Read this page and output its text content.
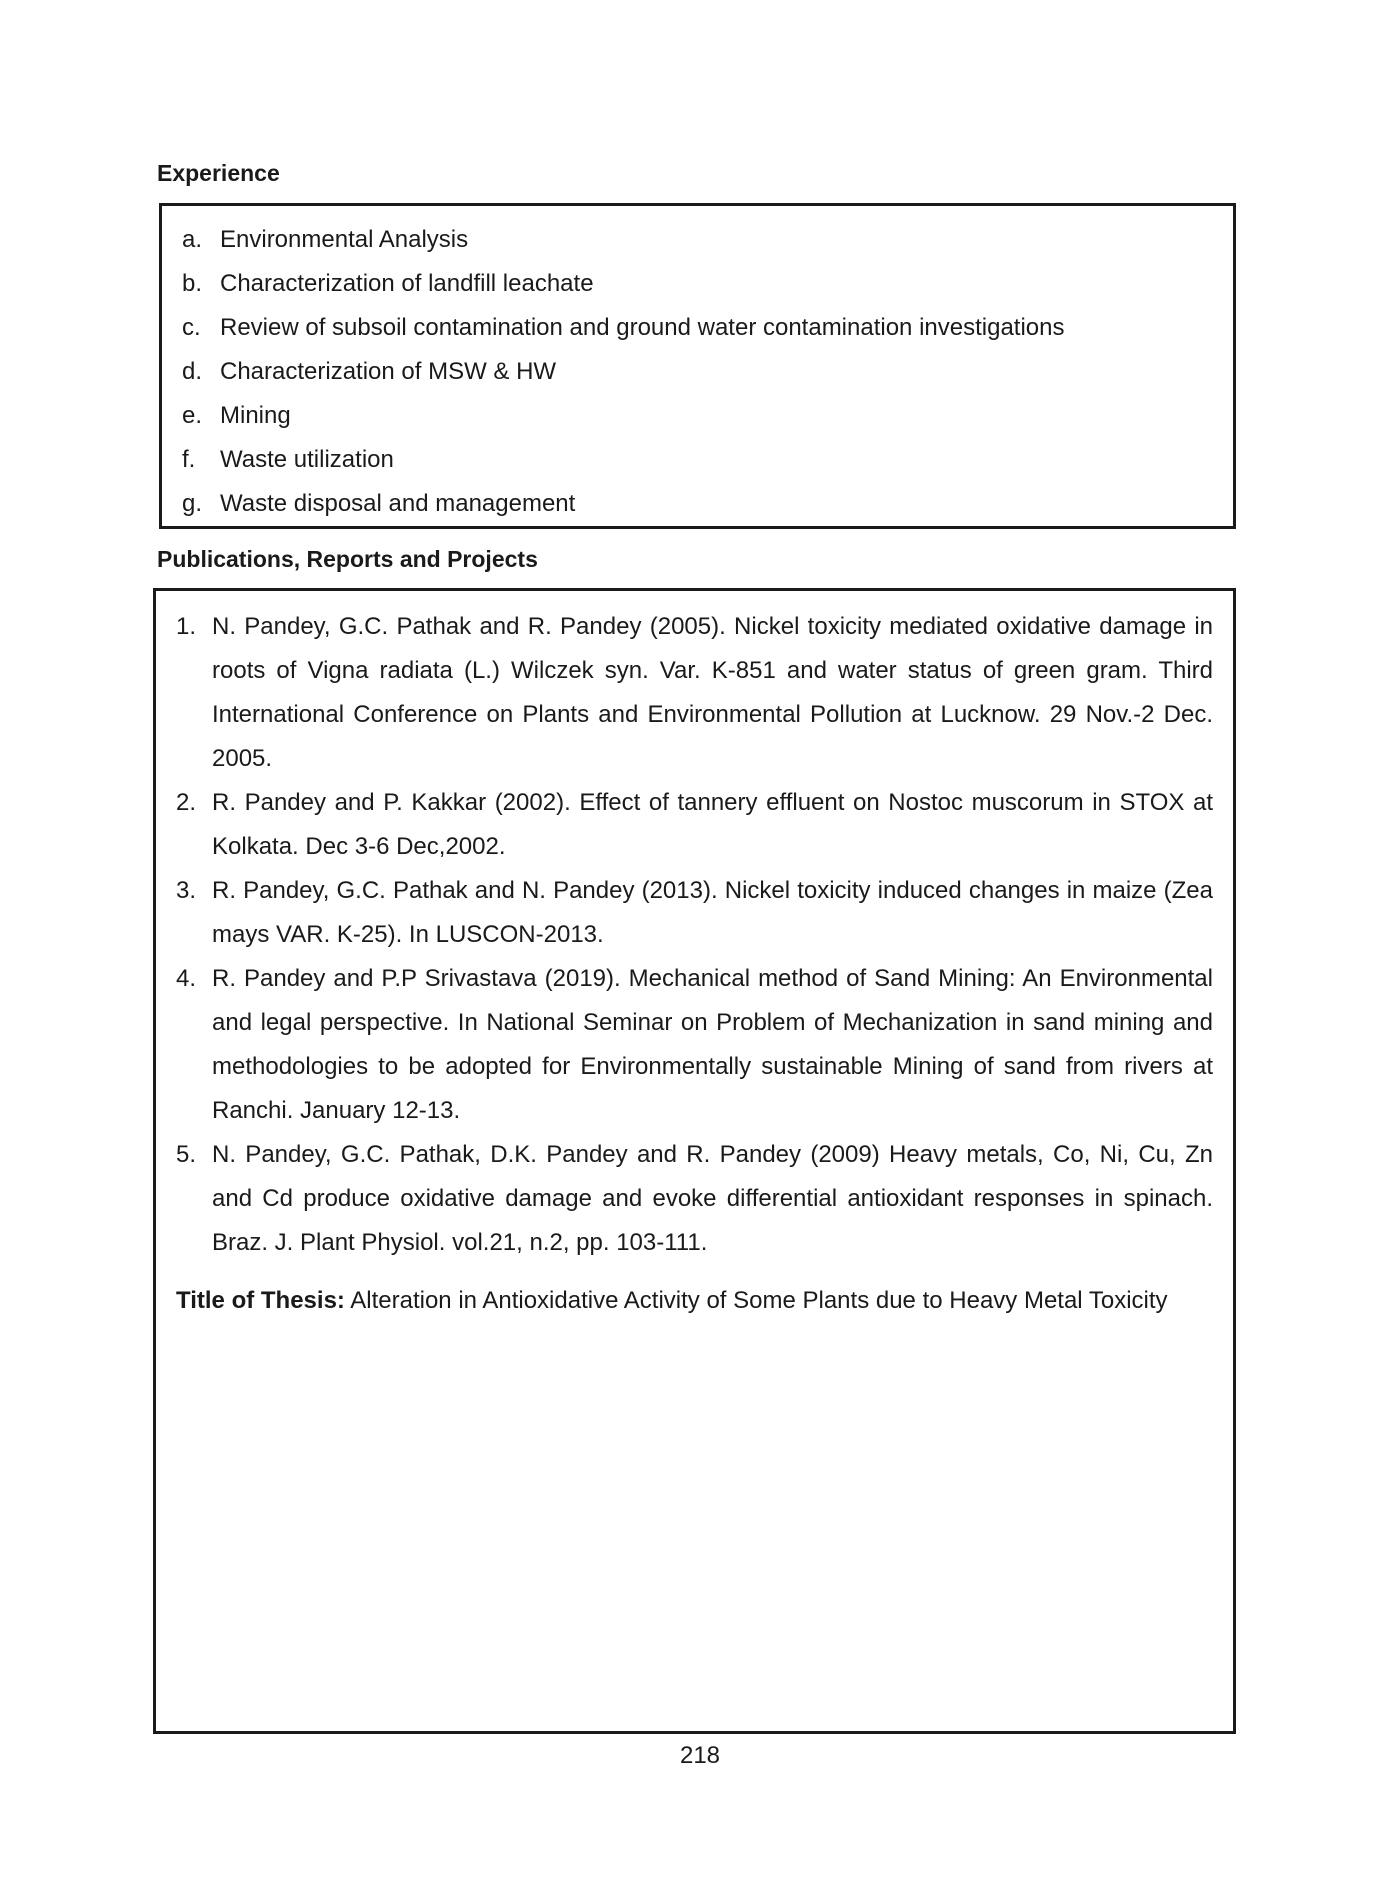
Experience
a. Environmental Analysis
b. Characterization of landfill leachate
c. Review of subsoil contamination and ground water contamination investigations
d. Characterization of MSW & HW
e. Mining
f.	Waste utilization
g. Waste disposal and management
Publications, Reports and Projects
1. N. Pandey, G.C. Pathak and R. Pandey (2005). Nickel toxicity mediated oxidative damage in roots of Vigna radiata (L.) Wilczek syn. Var. K-851 and water status of green gram. Third International Conference on Plants and Environmental Pollution at Lucknow. 29 Nov.-2 Dec. 2005.
2. R. Pandey and P. Kakkar (2002). Effect of tannery effluent on Nostoc muscorum in STOX at Kolkata. Dec 3-6 Dec,2002.
3. R. Pandey, G.C. Pathak and N. Pandey (2013). Nickel toxicity induced changes in maize (Zea mays VAR. K-25). In LUSCON-2013.
4. R. Pandey and P.P Srivastava (2019). Mechanical method of Sand Mining: An Environmental and legal perspective. In National Seminar on Problem of Mechanization in sand mining and methodologies to be adopted for Environmentally sustainable Mining of sand from rivers at Ranchi. January 12-13.
5. N. Pandey, G.C. Pathak, D.K. Pandey and R. Pandey (2009) Heavy metals, Co, Ni, Cu, Zn and Cd produce oxidative damage and evoke differential antioxidant responses in spinach. Braz. J. Plant Physiol. vol.21, n.2, pp. 103-111.
Title of Thesis: Alteration in Antioxidative Activity of Some Plants due to Heavy Metal Toxicity
218
